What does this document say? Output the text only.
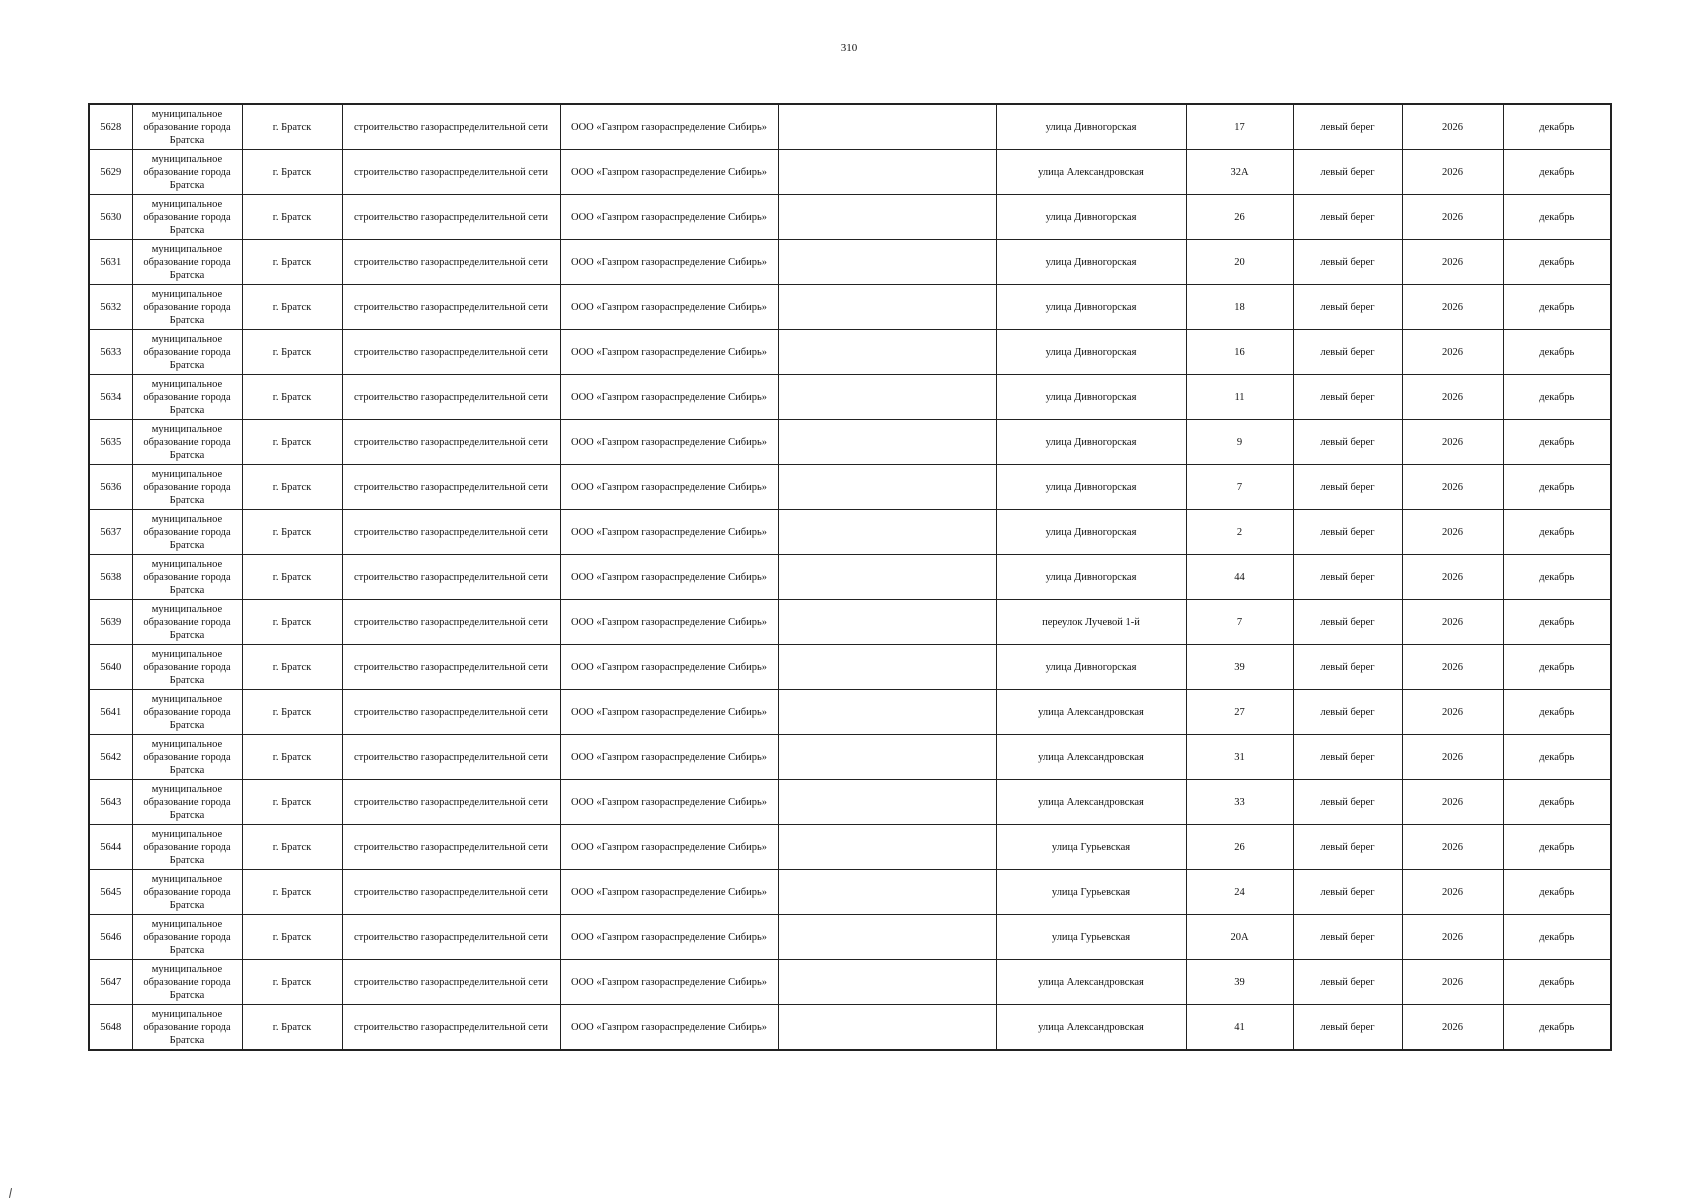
310
5628	муниципальное образование города Братска	г. Братск	строительство газораспределительной сети	ООО «Газпром газораспределение Сибирь»		улица Дивногорская	17	левый берег	2026	декабрь
5629	муниципальное образование города Братска	г. Братск	строительство газораспределительной сети	ООО «Газпром газораспределение Сибирь»		улица Александровская	32А	левый берег	2026	декабрь
5630	муниципальное образование города Братска	г. Братск	строительство газораспределительной сети	ООО «Газпром газораспределение Сибирь»		улица Дивногорская	26	левый берег	2026	декабрь
5631	муниципальное образование города Братска	г. Братск	строительство газораспределительной сети	ООО «Газпром газораспределение Сибирь»		улица Дивногорская	20	левый берег	2026	декабрь
5632	муниципальное образование города Братска	г. Братск	строительство газораспределительной сети	ООО «Газпром газораспределение Сибирь»		улица Дивногорская	18	левый берег	2026	декабрь
5633	муниципальное образование города Братска	г. Братск	строительство газораспределительной сети	ООО «Газпром газораспределение Сибирь»		улица Дивногорская	16	левый берег	2026	декабрь
5634	муниципальное образование города Братска	г. Братск	строительство газораспределительной сети	ООО «Газпром газораспределение Сибирь»		улица Дивногорская	11	левый берег	2026	декабрь
5635	муниципальное образование города Братска	г. Братск	строительство газораспределительной сети	ООО «Газпром газораспределение Сибирь»		улица Дивногорская	9	левый берег	2026	декабрь
5636	муниципальное образование города Братска	г. Братск	строительство газораспределительной сети	ООО «Газпром газораспределение Сибирь»		улица Дивногорская	7	левый берег	2026	декабрь
5637	муниципальное образование города Братска	г. Братск	строительство газораспределительной сети	ООО «Газпром газораспределение Сибирь»		улица Дивногорская	2	левый берег	2026	декабрь
5638	муниципальное образование города Братска	г. Братск	строительство газораспределительной сети	ООО «Газпром газораспределение Сибирь»		улица Дивногорская	44	левый берег	2026	декабрь
5639	муниципальное образование города Братска	г. Братск	строительство газораспределительной сети	ООО «Газпром газораспределение Сибирь»		переулок Лучевой 1-й	7	левый берег	2026	декабрь
5640	муниципальное образование города Братска	г. Братск	строительство газораспределительной сети	ООО «Газпром газораспределение Сибирь»		улица Дивногорская	39	левый берег	2026	декабрь
5641	муниципальное образование города Братска	г. Братск	строительство газораспределительной сети	ООО «Газпром газораспределение Сибирь»		улица Александровская	27	левый берег	2026	декабрь
5642	муниципальное образование города Братска	г. Братск	строительство газораспределительной сети	ООО «Газпром газораспределение Сибирь»		улица Александровская	31	левый берег	2026	декабрь
5643	муниципальное образование города Братска	г. Братск	строительство газораспределительной сети	ООО «Газпром газораспределение Сибирь»		улица Александровская	33	левый берег	2026	декабрь
5644	муниципальное образование города Братска	г. Братск	строительство газораспределительной сети	ООО «Газпром газораспределение Сибирь»		улица Гурьевская	26	левый берег	2026	декабрь
5645	муниципальное образование города Братска	г. Братск	строительство газораспределительной сети	ООО «Газпром газораспределение Сибирь»		улица Гурьевская	24	левый берег	2026	декабрь
5646	муниципальное образование города Братска	г. Братск	строительство газораспределительной сети	ООО «Газпром газораспределение Сибирь»		улица Гурьевская	20А	левый берег	2026	декабрь
5647	муниципальное образование города Братска	г. Братск	строительство газораспределительной сети	ООО «Газпром газораспределение Сибирь»		улица Александровская	39	левый берег	2026	декабрь
5648	муниципальное образование города Братска	г. Братск	строительство газораспределительной сети	ООО «Газпром газораспределение Сибирь»		улица Александровская	41	левый берег	2026	декабрь
